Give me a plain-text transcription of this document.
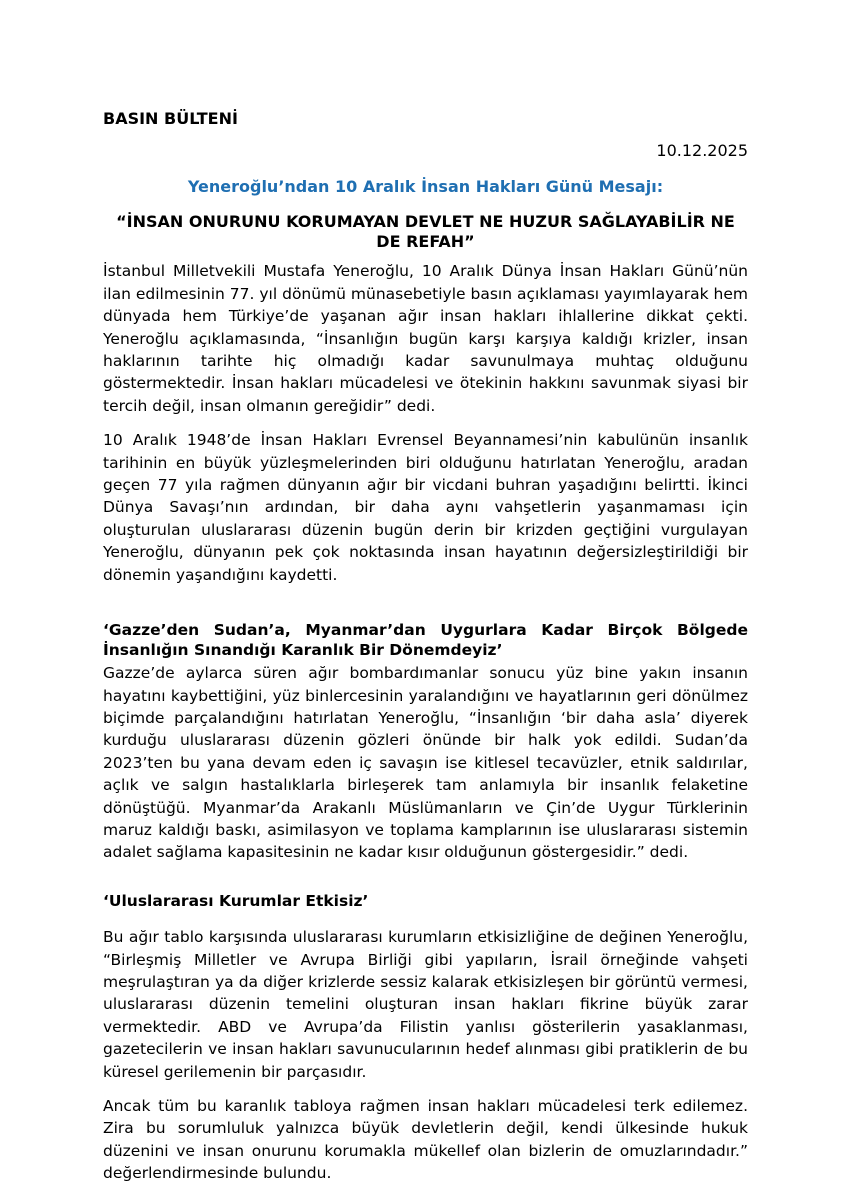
BASIN BÜLTENİ

10.12.2025

Yeneroğlu’ndan 10 Aralık İnsan Hakları Günü Mesajı:

“İNSAN ONURUNU KORUMAYAN DEVLET NE HUZUR SAĞLAYABİLİR NE DE REFAH”

İstanbul Milletvekili Mustafa Yeneroğlu, 10 Aralık Dünya İnsan Hakları Günü’nün ilan edilmesinin 77. yıl dönümü münasebetiyle basın açıklaması yayımlayarak hem dünyada hem Türkiye’de yaşanan ağır insan hakları ihlallerine dikkat çekti. Yeneroğlu açıklamasında, “İnsanlığın bugün karşı karşıya kaldığı krizler, insan haklarının tarihte hiç olmadığı kadar savunulmaya muhtaç olduğunu göstermektedir. İnsan hakları mücadelesi ve ötekinin hakkını savunmak siyasi bir tercih değil, insan olmanın gereğidir” dedi.

10 Aralık 1948’de İnsan Hakları Evrensel Beyannamesi’nin kabulünün insanlık tarihinin en büyük yüzleşmelerinden biri olduğunu hatırlatan Yeneroğlu, aradan geçen 77 yıla rağmen dünyanın ağır bir vicdani buhran yaşadığını belirtti. İkinci Dünya Savaşı’nın ardından, bir daha aynı vahşetlerin yaşanmaması için oluşturulan uluslararası düzenin bugün derin bir krizden geçtiğini vurgulayan Yeneroğlu, dünyanın pek çok noktasında insan hayatının değersizleştirildiği bir dönemin yaşandığını kaydetti.

‘Gazze’den Sudan’a, Myanmar’dan Uygurlara Kadar Birçok Bölgede İnsanlığın Sınandığı Karanlık Bir Dönemdeyiz’

Gazze’de aylarca süren ağır bombardımanlar sonucu yüz bine yakın insanın hayatını kaybettiğini, yüz binlercesinin yaralandığını ve hayatlarının geri dönülmez biçimde parçalandığını hatırlatan Yeneroğlu, “İnsanlığın ‘bir daha asla’ diyerek kurduğu uluslararası düzenin gözleri önünde bir halk yok edildi. Sudan’da 2023’ten bu yana devam eden iç savaşın ise kitlesel tecavüzler, etnik saldırılar, açlık ve salgın hastalıklarla birleşerek tam anlamıyla bir insanlık felaketine dönüştüğü. Myanmar’da Arakanlı Müslümanların ve Çin’de Uygur Türklerinin maruz kaldığı baskı, asimilasyon ve toplama kamplarının ise uluslararası sistemin adalet sağlama kapasitesinin ne kadar kısır olduğunun göstergesidir.” dedi.

‘Uluslararası Kurumlar Etkisiz’

Bu ağır tablo karşısında uluslararası kurumların etkisizliğine de değinen Yeneroğlu, “Birleşmiş Milletler ve Avrupa Birliği gibi yapıların, İsrail örneğinde vahşeti meşrulaştıran ya da diğer krizlerde sessiz kalarak etkisizleşen bir görüntü vermesi, uluslararası düzenin temelini oluşturan insan hakları fikrine büyük zarar vermektedir. ABD ve Avrupa’da Filistin yanlısı gösterilerin yasaklanması, gazetecilerin ve insan hakları savunucularının hedef alınması gibi pratiklerin de bu küresel gerilemenin bir parçasıdır.

Ancak tüm bu karanlık tabloya rağmen insan hakları mücadelesi terk edilemez. Zira bu sorumluluk yalnızca büyük devletlerin değil, kendi ülkesinde hukuk düzenini ve insan onurunu korumakla mükellef olan bizlerin de omuzlarındadır.” değerlendirmesinde bulundu.
